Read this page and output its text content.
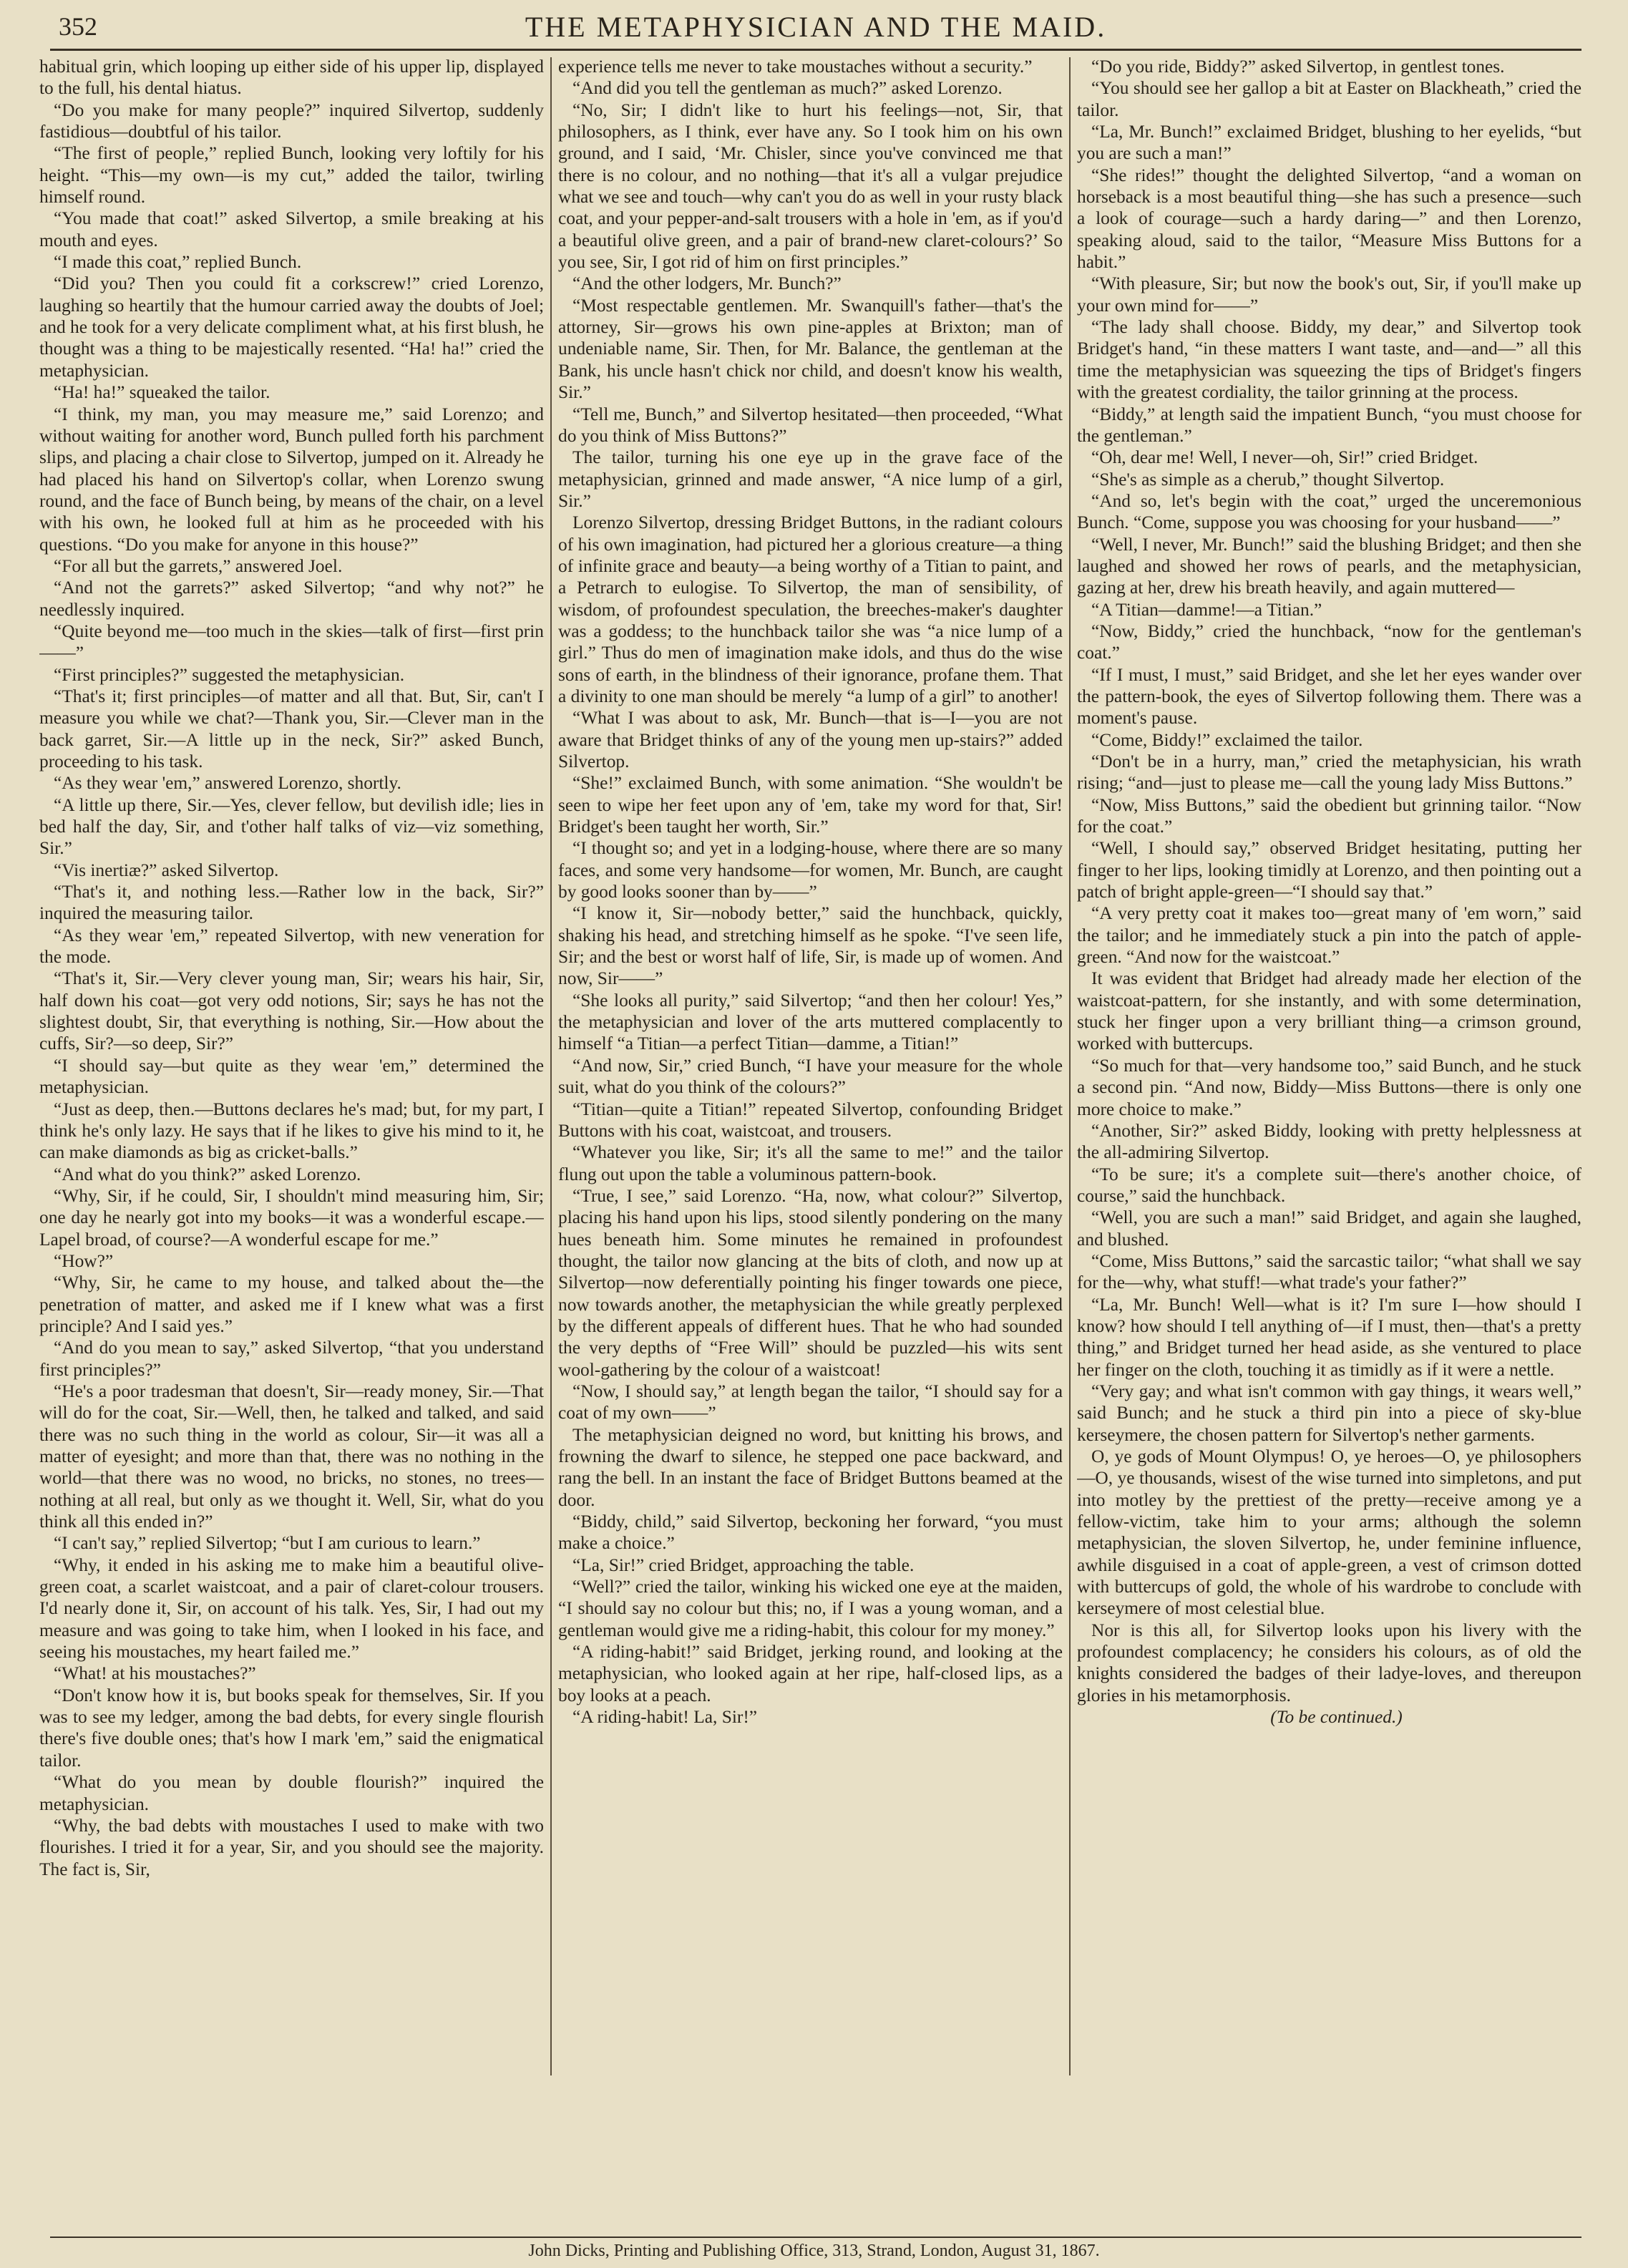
352	THE METAPHYSICIAN AND THE MAID.

habitual grin, which looping up either side of his upper lip, displayed to the full, his dental hiatus.

“Do you make for many people?” inquired Silvertop, suddenly fastidious—doubtful of his tailor.

“The first of people,” replied Bunch, looking very loftily for his height. “This—my own—is my cut,” added the tailor, twirling himself round.

“You made that coat!” asked Silvertop, a smile breaking at his mouth and eyes.

“I made this coat,” replied Bunch.

“Did you? Then you could fit a corkscrew!” cried Lorenzo, laughing so heartily that the humour carried away the doubts of Joel; and he took for a very delicate compliment what, at his first blush, he thought was a thing to be majestically resented. “Ha! ha!” cried the metaphysician.

“Ha! ha!” squeaked the tailor.

“I think, my man, you may measure me,” said Lorenzo; and without waiting for another word, Bunch pulled forth his parchment slips, and placing a chair close to Silvertop, jumped on it. Already he had placed his hand on Silvertop's collar, when Lorenzo swung round, and the face of Bunch being, by means of the chair, on a level with his own, he looked full at him as he proceeded with his questions. “Do you make for anyone in this house?”

“For all but the garrets,” answered Joel.

“And not the garrets?” asked Silvertop; “and why not?” he needlessly inquired.

“Quite beyond me—too much in the skies—talk of first—first prin——”

“First principles?” suggested the metaphysician.

“That's it; first principles—of matter and all that. But, Sir, can't I measure you while we chat?—Thank you, Sir.—Clever man in the back garret, Sir.—A little up in the neck, Sir?” asked Bunch, proceeding to his task.

“As they wear 'em,” answered Lorenzo, shortly.

“A little up there, Sir.—Yes, clever fellow, but devilish idle; lies in bed half the day, Sir, and t'other half talks of viz—viz something, Sir.”

“Vis inertiæ?” asked Silvertop.

“That's it, and nothing less.—Rather low in the back, Sir?” inquired the measuring tailor.

“As they wear 'em,” repeated Silvertop, with new veneration for the mode.

“That's it, Sir.—Very clever young man, Sir; wears his hair, Sir, half down his coat—got very odd notions, Sir; says he has not the slightest doubt, Sir, that everything is nothing, Sir.—How about the cuffs, Sir?—so deep, Sir?”

“I should say—but quite as they wear 'em,” determined the metaphysician.

“Just as deep, then.—Buttons declares he's mad; but, for my part, I think he's only lazy. He says that if he likes to give his mind to it, he can make diamonds as big as cricket-balls.”

“And what do you think?” asked Lorenzo.

“Why, Sir, if he could, Sir, I shouldn't mind measuring him, Sir; one day he nearly got into my books—it was a wonderful escape.—Lapel broad, of course?—A wonderful escape for me.”

“How?”

“Why, Sir, he came to my house, and talked about the—the penetration of matter, and asked me if I knew what was a first principle? And I said yes.”

“And do you mean to say,” asked Silvertop, “that you understand first principles?”

“He's a poor tradesman that doesn't, Sir—ready money, Sir.—That will do for the coat, Sir.—Well, then, he talked and talked, and said there was no such thing in the world as colour, Sir—it was all a matter of eyesight; and more than that, there was no nothing in the world—that there was no wood, no bricks, no stones, no trees—nothing at all real, but only as we thought it. Well, Sir, what do you think all this ended in?”

“I can't say,” replied Silvertop; “but I am curious to learn.”

“Why, it ended in his asking me to make him a beautiful olive-green coat, a scarlet waistcoat, and a pair of claret-colour trousers. I'd nearly done it, Sir, on account of his talk. Yes, Sir, I had out my measure and was going to take him, when I looked in his face, and seeing his moustaches, my heart failed me.”

“What! at his moustaches?”

“Don't know how it is, but books speak for themselves, Sir. If you was to see my ledger, among the bad debts, for every single flourish there's five double ones; that's how I mark 'em,” said the enigmatical tailor.

“What do you mean by double flourish?” inquired the metaphysician.

“Why, the bad debts with moustaches I used to make with two flourishes. I tried it for a year, Sir, and you should see the majority. The fact is, Sir,

experience tells me never to take moustaches without a security.”

“And did you tell the gentleman as much?” asked Lorenzo.

“No, Sir; I didn't like to hurt his feelings—not, Sir, that philosophers, as I think, ever have any. So I took him on his own ground, and I said, ‘Mr. Chisler, since you've convinced me that there is no colour, and no nothing—that it's all a vulgar prejudice what we see and touch—why can't you do as well in your rusty black coat, and your pepper-and-salt trousers with a hole in 'em, as if you'd a beautiful olive green, and a pair of brand-new claret-colours?’ So you see, Sir, I got rid of him on first principles.”

“And the other lodgers, Mr. Bunch?”

“Most respectable gentlemen. Mr. Swanquill's father—that's the attorney, Sir—grows his own pine-apples at Brixton; man of undeniable name, Sir. Then, for Mr. Balance, the gentleman at the Bank, his uncle hasn't chick nor child, and doesn't know his wealth, Sir.”

“Tell me, Bunch,” and Silvertop hesitated—then proceeded, “What do you think of Miss Buttons?”

The tailor, turning his one eye up in the grave face of the metaphysician, grinned and made answer, “A nice lump of a girl, Sir.”

Lorenzo Silvertop, dressing Bridget Buttons, in the radiant colours of his own imagination, had pictured her a glorious creature—a thing of infinite grace and beauty—a being worthy of a Titian to paint, and a Petrarch to eulogise. To Silvertop, the man of sensibility, of wisdom, of profoundest speculation, the breeches-maker's daughter was a goddess; to the hunchback tailor she was “a nice lump of a girl.” Thus do men of imagination make idols, and thus do the wise sons of earth, in the blindness of their ignorance, profane them. That a divinity to one man should be merely “a lump of a girl” to another!

“What I was about to ask, Mr. Bunch—that is—I—you are not aware that Bridget thinks of any of the young men up-stairs?” added Silvertop.

“She!” exclaimed Bunch, with some animation. “She wouldn't be seen to wipe her feet upon any of 'em, take my word for that, Sir! Bridget's been taught her worth, Sir.”

“I thought so; and yet in a lodging-house, where there are so many faces, and some very handsome—for women, Mr. Bunch, are caught by good looks sooner than by——”

“I know it, Sir—nobody better,” said the hunchback, quickly, shaking his head, and stretching himself as he spoke. “I've seen life, Sir; and the best or worst half of life, Sir, is made up of women. And now, Sir——”

“She looks all purity,” said Silvertop; “and then her colour! Yes,” the metaphysician and lover of the arts muttered complacently to himself “a Titian—a perfect Titian—damme, a Titian!”

“And now, Sir,” cried Bunch, “I have your measure for the whole suit, what do you think of the colours?”

“Titian—quite a Titian!” repeated Silvertop, confounding Bridget Buttons with his coat, waistcoat, and trousers.

“Whatever you like, Sir; it's all the same to me!” and the tailor flung out upon the table a voluminous pattern-book.

“True, I see,” said Lorenzo. “Ha, now, what colour?” Silvertop, placing his hand upon his lips, stood silently pondering on the many hues beneath him. Some minutes he remained in profoundest thought, the tailor now glancing at the bits of cloth, and now up at Silvertop—now deferentially pointing his finger towards one piece, now towards another, the metaphysician the while greatly perplexed by the different appeals of different hues. That he who had sounded the very depths of “Free Will” should be puzzled—his wits sent wool-gathering by the colour of a waistcoat!

“Now, I should say,” at length began the tailor, “I should say for a coat of my own——”

The metaphysician deigned no word, but knitting his brows, and frowning the dwarf to silence, he stepped one pace backward, and rang the bell. In an instant the face of Bridget Buttons beamed at the door.

“Biddy, child,” said Silvertop, beckoning her forward, “you must make a choice.”

“La, Sir!” cried Bridget, approaching the table.

“Well?” cried the tailor, winking his wicked one eye at the maiden, “I should say no colour but this; no, if I was a young woman, and a gentleman would give me a riding-habit, this colour for my money.”

“A riding-habit!” said Bridget, jerking round, and looking at the metaphysician, who looked again at her ripe, half-closed lips, as a boy looks at a peach.

“A riding-habit! La, Sir!”

“Do you ride, Biddy?” asked Silvertop, in gentlest tones.

“You should see her gallop a bit at Easter on Blackheath,” cried the tailor.

“La, Mr. Bunch!” exclaimed Bridget, blushing to her eyelids, “but you are such a man!”

“She rides!” thought the delighted Silvertop, “and a woman on horseback is a most beautiful thing—she has such a presence—such a look of courage—such a hardy daring—” and then Lorenzo, speaking aloud, said to the tailor, “Measure Miss Buttons for a habit.”

“With pleasure, Sir; but now the book's out, Sir, if you'll make up your own mind for——”

“The lady shall choose. Biddy, my dear,” and Silvertop took Bridget's hand, “in these matters I want taste, and—and—” all this time the metaphysician was squeezing the tips of Bridget's fingers with the greatest cordiality, the tailor grinning at the process.

“Biddy,” at length said the impatient Bunch, “you must choose for the gentleman.”

“Oh, dear me! Well, I never—oh, Sir!” cried Bridget.

“She's as simple as a cherub,” thought Silvertop.

“And so, let's begin with the coat,” urged the unceremonious Bunch. “Come, suppose you was choosing for your husband——”

“Well, I never, Mr. Bunch!” said the blushing Bridget; and then she laughed and showed her rows of pearls, and the metaphysician, gazing at her, drew his breath heavily, and again muttered—

“A Titian—damme!—a Titian.”

“Now, Biddy,” cried the hunchback, “now for the gentleman's coat.”

“If I must, I must,” said Bridget, and she let her eyes wander over the pattern-book, the eyes of Silvertop following them. There was a moment's pause.

“Come, Biddy!” exclaimed the tailor.

“Don't be in a hurry, man,” cried the metaphysician, his wrath rising; “and—just to please me—call the young lady Miss Buttons.”

“Now, Miss Buttons,” said the obedient but grinning tailor. “Now for the coat.”

“Well, I should say,” observed Bridget hesitating, putting her finger to her lips, looking timidly at Lorenzo, and then pointing out a patch of bright apple-green—“I should say that.”

“A very pretty coat it makes too—great many of 'em worn,” said the tailor; and he immediately stuck a pin into the patch of apple-green. “And now for the waistcoat.”

It was evident that Bridget had already made her election of the waistcoat-pattern, for she instantly, and with some determination, stuck her finger upon a very brilliant thing—a crimson ground, worked with buttercups.

“So much for that—very handsome too,” said Bunch, and he stuck a second pin. “And now, Biddy—Miss Buttons—there is only one more choice to make.”

“Another, Sir?” asked Biddy, looking with pretty helplessness at the all-admiring Silvertop.

“To be sure; it's a complete suit—there's another choice, of course,” said the hunchback.

“Well, you are such a man!” said Bridget, and again she laughed, and blushed.

“Come, Miss Buttons,” said the sarcastic tailor; “what shall we say for the—why, what stuff!—what trade's your father?”

“La, Mr. Bunch! Well—what is it? I'm sure I—how should I know? how should I tell anything of—if I must, then—that's a pretty thing,” and Bridget turned her head aside, as she ventured to place her finger on the cloth, touching it as timidly as if it were a nettle.

“Very gay; and what isn't common with gay things, it wears well,” said Bunch; and he stuck a third pin into a piece of sky-blue kerseymere, the chosen pattern for Silvertop's nether garments.

O, ye gods of Mount Olympus! O, ye heroes—O, ye philosophers—O, ye thousands, wisest of the wise turned into simpletons, and put into motley by the prettiest of the pretty—receive among ye a fellow-victim, take him to your arms; although the solemn metaphysician, the sloven Silvertop, he, under feminine influence, awhile disguised in a coat of apple-green, a vest of crimson dotted with buttercups of gold, the whole of his wardrobe to conclude with kerseymere of most celestial blue.

Nor is this all, for Silvertop looks upon his livery with the profoundest complacency; he considers his colours, as of old the knights considered the badges of their ladye-loves, and thereupon glories in his metamorphosis.

(To be continued.)

John Dicks, Printing and Publishing Office, 313, Strand, London, August 31, 1867.
